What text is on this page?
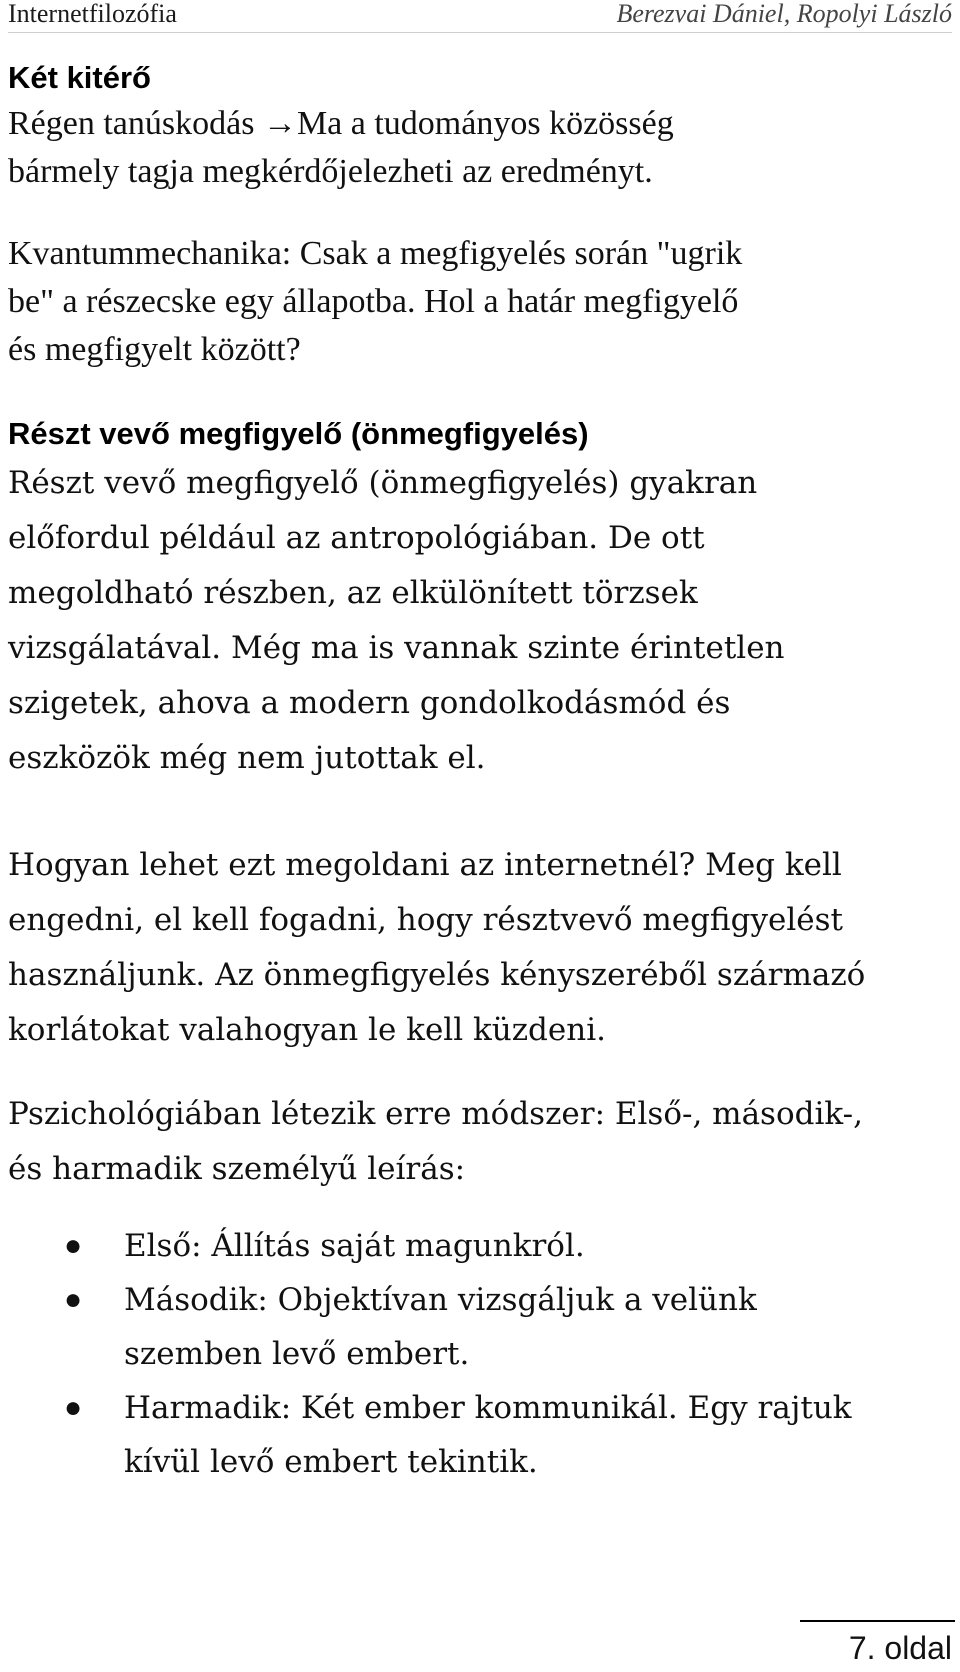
Internetfilozófia	Berezvai Dániel, Ropolyi László

Két kitérő

Régen tanúskodás →Ma a tudományos közösség

bármely tagja megkérdőjelezheti az eredményt.

Kvantummechanika: Csak a megfigyelés során "ugrik

be" a részecske egy állapotba. Hol a határ megfigyelő

és megfigyelt között?

Részt vevő megfigyelő (önmegfigyelés)

Részt vevő megfigyelő (önmegfigyelés) gyakran

előfordul például az antropológiában. De ott

megoldható részben, az elkülönített törzsek

vizsgálatával. Még ma is vannak szinte érintetlen

szigetek, ahova a modern gondolkodásmód és

eszközök még nem jutottak el.

Hogyan lehet ezt megoldani az internetnél? Meg kell

engedni, el kell fogadni, hogy résztvevő megfigyelést

használjunk. Az önmegfigyelés kényszeréből származó

korlátokat valahogyan le kell küzdeni.

Pszichológiában létezik erre módszer: Első-, második-,

és harmadik személyű leírás:

● Első: Állítás saját magunkról.
● Második: Objektívan vizsgáljuk a velünk
szemben levő embert.
● Harmadik: Két ember kommunikál. Egy rajtuk
kívül levő embert tekintik.
7. oldal
